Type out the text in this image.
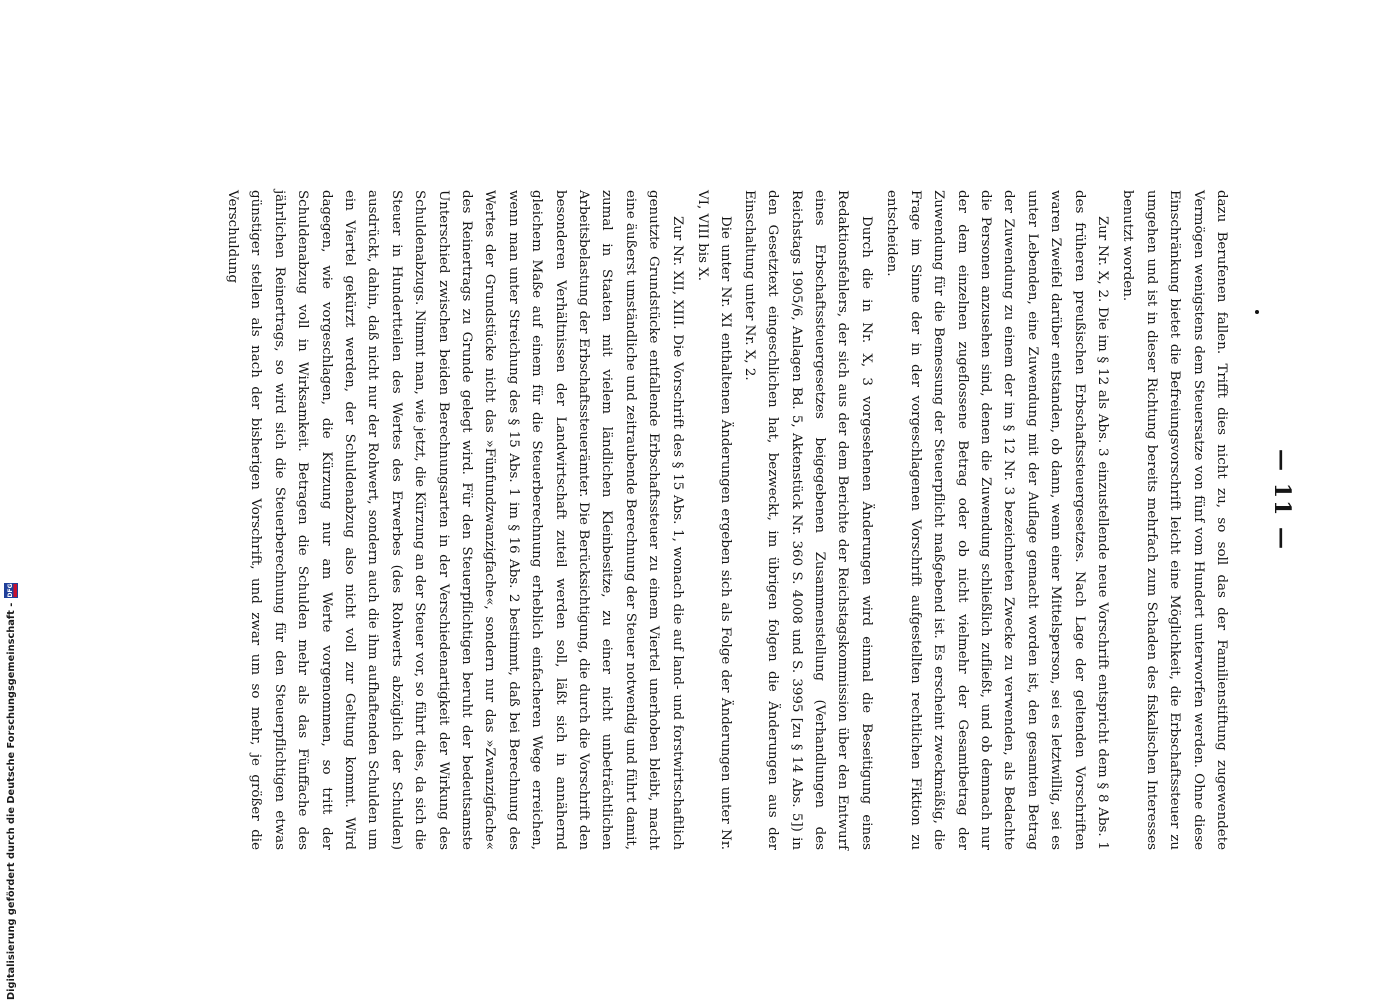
— 11 —

dazu Berufenen fallen. Trifft dies nicht zu, so soll das der Familienstiftung zugewendete Vermögen wenigstens dem Steuersatze von fünf vom Hundert unterworfen werden. Ohne diese Einschränkung bietet die Befreiungsvorschrift leicht eine Möglichkeit, die Erbschaftssteuer zu umgehen und ist in dieser Richtung bereits mehrfach zum Schaden des fiskalischen Interesses benutzt worden.

Zur Nr. X, 2. Die im § 12 als Abs. 3 einzustellende neue Vorschrift entspricht dem § 8 Abs. 1 des früheren preußischen Erbschaftssteuergesetzes. Nach Lage der geltenden Vorschriften waren Zweifel darüber entstanden, ob dann, wenn einer Mittelsperson, sei es letztwillig, sei es unter Lebenden, eine Zuwendung mit der Auflage gemacht worden ist, den gesamten Betrag der Zuwendung zu einem der im § 12 Nr. 3 bezeichneten Zwecke zu verwenden, als Bedachte die Personen anzusehen sind, denen die Zuwendung schließlich zufließt, und ob demnach nur der dem einzelnen zugeflossene Betrag oder ob nicht vielmehr der Gesamtbetrag der Zuwendung für die Bemessung der Steuerpflicht maßgebend ist. Es erscheint zweckmäßig, die Frage im Sinne der in der vorgeschlagenen Vorschrift aufgestellten rechtlichen Fiktion zu entscheiden.

Durch die in Nr. X, 3 vorgesehenen Änderungen wird einmal die Beseitigung eines Redaktionsfehlers, der sich aus der dem Berichte der Reichstagskommission über den Entwurf eines Erbschaftssteuergesetzes beigegebenen Zusammenstellung (Verhandlungen des Reichstags 1905/6, Anlagen Bd. 5, Aktenstück Nr. 360 S. 4008 und S. 3995 [zu § 14 Abs. 5]) in den Gesetztext eingeschlichen hat, bezweckt, im übrigen folgen die Änderungen aus der Einschaltung unter Nr. X, 2.

Die unter Nr. XI enthaltenen Änderungen ergeben sich als Folge der Änderungen unter Nr. VI, VIII bis X.

Zur Nr. XII, XIII. Die Vorschrift des § 15 Abs. 1, wonach die auf land- und forstwirtschaftlich genutzte Grundstücke entfallende Erbschaftssteuer zu einem Viertel unerhoben bleibt, macht eine äußerst umständliche und zeitraubende Berechnung der Steuer notwendig und führt damit, zumal in Staaten mit vielem ländlichen Kleinbesitze, zu einer nicht unbeträchtlichen Arbeitsbelastung der Erbschaftssteuerämter. Die Berücksichtigung, die durch die Vorschrift den besonderen Verhältnissen der Landwirtschaft zuteil werden soll, läßt sich in annähernd gleichem Maße auf einem für die Steuerberechnung erheblich einfacheren Wege erreichen, wenn man unter Streichung des § 15 Abs. 1 im § 16 Abs. 2 bestimmt, daß bei Berechnung des Wertes der Grundstücke nicht das »Fünfundzwanzigfache«, sondern nur das »Zwanzigfache« des Reinertrags zu Grunde gelegt wird. Für den Steuerpflichtigen beruht der bedeutsamste Unterschied zwischen beiden Berechnungsarten in der Verschiedenartigkeit der Wirkung des Schuldenabzugs. Nimmt man, wie jetzt, die Kürzung an der Steuer vor, so führt dies, da sich die Steuer in Hundertteilen des Wertes des Erwerbes (des Rohwerts abzüglich der Schulden) ausdrückt, dahin, daß nicht nur der Rohwert, sondern auch die ihm aufhaftenden Schulden um ein Viertel gekürzt werden, der Schuldenabzug also nicht voll zur Geltung kommt. Wird dagegen, wie vorgeschlagen, die Kürzung nur am Werte vorgenommen, so tritt der Schuldenabzug voll in Wirksamkeit. Betragen die Schulden mehr als das Fünffache des jährlichen Reinertrags, so wird sich die Steuerberechnung für den Steuerpflichtigen etwas günstiger stellen als nach der bisherigen Vorschrift, und zwar um so mehr, je größer die Verschuldung

Digitalisierung gefördert durch die Deutsche Forschungsgemeinschaft -
DFG
